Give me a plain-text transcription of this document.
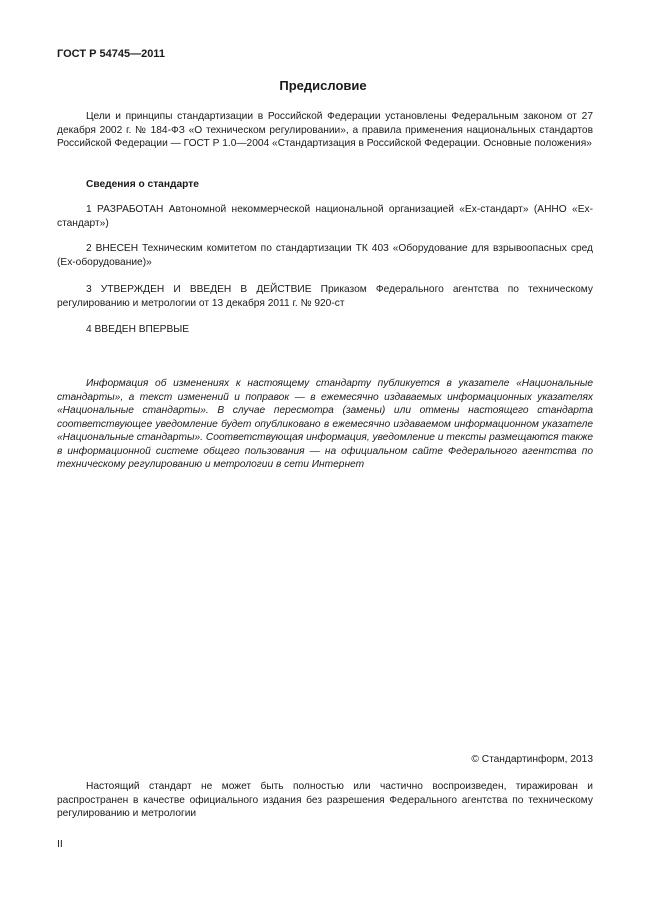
ГОСТ Р 54745—2011
Предисловие
Цели и принципы стандартизации в Российской Федерации установлены Федеральным законом от 27 декабря 2002 г. № 184-ФЗ «О техническом регулировании», а правила применения национальных стандартов Российской Федерации — ГОСТ Р 1.0—2004 «Стандартизация в Российской Федерации. Основные положения»
Сведения о стандарте
1 РАЗРАБОТАН Автономной некоммерческой национальной организацией «Ех-стандарт» (АННО «Ех-стандарт»)
2 ВНЕСЕН Техническим комитетом по стандартизации ТК 403 «Оборудование для взрывоопасных сред (Ех-оборудование)»
3 УТВЕРЖДЕН И ВВЕДЕН В ДЕЙСТВИЕ Приказом Федерального агентства по техническому регулированию и метрологии от 13 декабря 2011 г. № 920-ст
4 ВВЕДЕН ВПЕРВЫЕ
Информация об изменениях к настоящему стандарту публикуется в указателе «Национальные стандарты», а текст изменений и поправок — в ежемесячно издаваемых информационных указателях «Национальные стандарты». В случае пересмотра (замены) или отмены настоящего стандарта соответствующее уведомление будет опубликовано в ежемесячно издаваемом информационном указателе «Национальные стандарты». Соответствующая информация, уведомление и тексты размещаются также в информационной системе общего пользования — на официальном сайте Федерального агентства по техническому регулированию и метрологии в сети Интернет
© Стандартинформ, 2013
Настоящий стандарт не может быть полностью или частично воспроизведен, тиражирован и распространен в качестве официального издания без разрешения Федерального агентства по техническому регулированию и метрологии
II
